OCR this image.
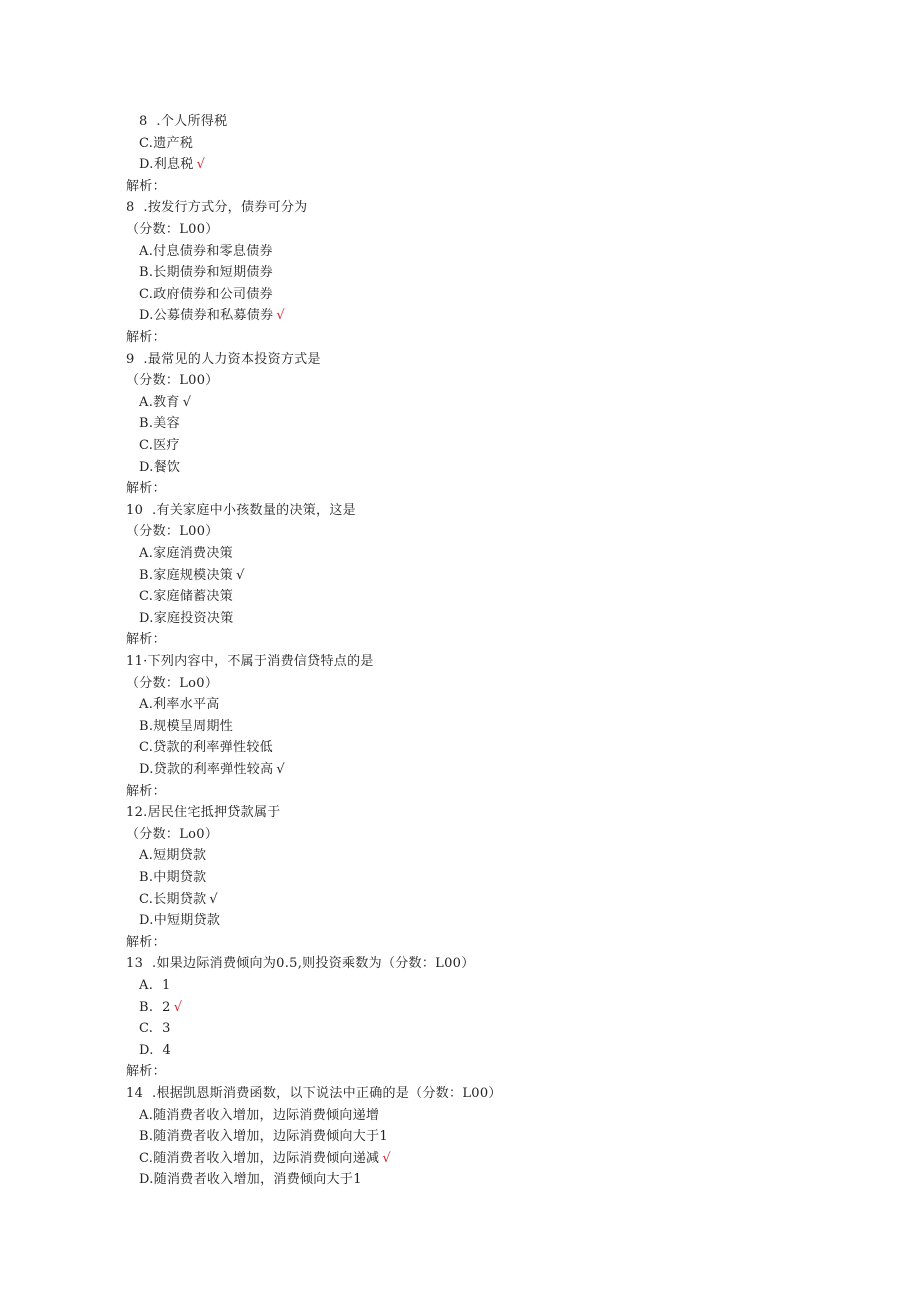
8  .个人所得税
C.遗产税
D.利息税 √
解析：
8  .按发行方式分，债券可分为
（分数：L00）
A.付息债券和零息债券
B.长期债券和短期债券
C.政府债券和公司债券
D.公募债券和私募债券 √
解析：
9  .最常见的人力资本投资方式是
（分数：L00）
A.教育 √
B.美容
C.医疗
D.餐饮
解析：
10  .有关家庭中小孩数量的决策，这是
（分数：L00）
A.家庭消费决策
B.家庭规模决策 √
C.家庭储蓄决策
D.家庭投资决策
解析：
11·下列内容中，不属于消费信贷特点的是
（分数：Lo0）
A.利率水平高
B.规模呈周期性
C.贷款的利率弹性较低
D.贷款的利率弹性较高 √
解析：
12.居民住宅抵押贷款属于
（分数：Lo0）
A.短期贷款
B.中期贷款
C.长期贷款 √
D.中短期贷款
解析：
13  .如果边际消费倾向为0.5,则投资乘数为（分数：L00）
A.  1
B.  2 √
C.  3
D.  4
解析：
14  .根据凯恩斯消费函数，以下说法中正确的是（分数：L00）
A.随消费者收入增加，边际消费倾向递增
B.随消费者收入增加，边际消费倾向大于1
C.随消费者收入增加，边际消费倾向递减 √
D.随消费者收入增加，消费倾向大于1
